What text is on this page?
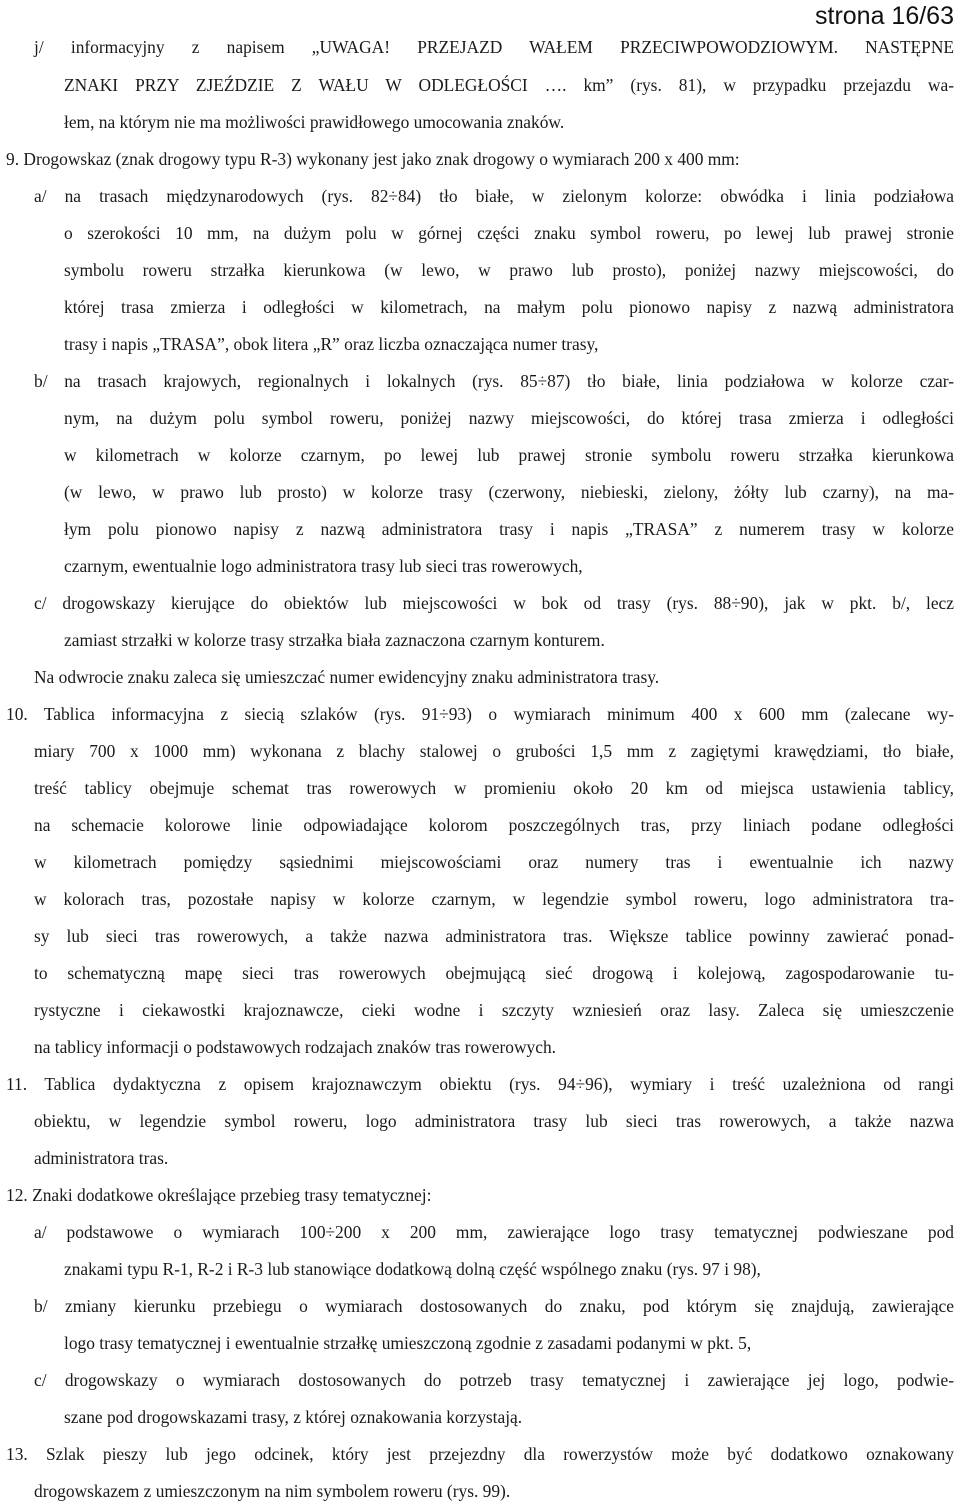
strona 16/63
j/ informacyjny z napisem „UWAGA! PRZEJAZD WAŁEM PRZECIWPOWODZIOWYM. NASTĘPNE
ZNAKI PRZY ZJEŹDZIE Z WAŁU W ODLEGŁOŚCI …. km” (rys. 81), w przypadku przejazdu wa-
łem, na którym nie ma możliwości prawidłowego umocowania znaków.
9. Drogowskaz (znak drogowy typu R-3) wykonany jest jako znak drogowy o wymiarach 200 x 400 mm:
a/ na trasach międzynarodowych (rys. 82÷84) tło białe, w zielonym kolorze: obwódka i linia podziałowa
o szerokości 10 mm, na dużym polu w górnej części znaku symbol roweru, po lewej lub prawej stronie
symbolu roweru strzałka kierunkowa (w lewo, w prawo lub prosto), poniżej nazwy miejscowości, do
której trasa zmierza i odległości w kilometrach, na małym polu pionowo napisy z nazwą administratora
trasy i napis „TRASA”, obok litera „R” oraz liczba oznaczająca numer trasy,
b/ na trasach krajowych, regionalnych i lokalnych (rys. 85÷87) tło białe, linia podziałowa w kolorze czar-
nym, na dużym polu symbol roweru, poniżej nazwy miejscowości, do której trasa zmierza i odległości
w kilometrach w kolorze czarnym, po lewej lub prawej stronie symbolu roweru strzałka kierunkowa
(w lewo, w prawo lub prosto) w kolorze trasy (czerwony, niebieski, zielony, żółty lub czarny), na ma-
łym polu pionowo napisy z nazwą administratora trasy i napis „TRASA” z numerem trasy w kolorze
czarnym, ewentualnie logo administratora trasy lub sieci tras rowerowych,
c/ drogowskazy kierujące do obiektów lub miejscowości w bok od trasy (rys. 88÷90), jak w pkt. b/, lecz
zamiast strzałki w kolorze trasy strzałka biała zaznaczona czarnym konturem.
Na odwrocie znaku zaleca się umieszczać numer ewidencyjny znaku administratora trasy.
10. Tablica informacyjna z siecią szlaków (rys. 91÷93) o wymiarach minimum 400 x 600 mm (zalecane wy-
miary 700 x 1000 mm) wykonana z blachy stalowej o grubości 1,5 mm z zagiętymi krawędziami, tło białe,
treść tablicy obejmuje schemat tras rowerowych w promieniu około 20 km od miejsca ustawienia tablicy,
na schemacie kolorowe linie odpowiadające kolorom poszczególnych tras, przy liniach podane odległości
w kilometrach pomiędzy sąsiednimi miejscowościami oraz numery tras i ewentualnie ich nazwy
w kolorach tras, pozostałe napisy w kolorze czarnym, w legendzie symbol roweru, logo administratora tra-
sy lub sieci tras rowerowych, a także nazwa administratora tras. Większe tablice powinny zawierać ponad-
to schematyczną mapę sieci tras rowerowych obejmującą sieć drogową i kolejową, zagospodarowanie tu-
rystyczne i ciekawostki krajoznawcze, cieki wodne i szczyty wzniesień oraz lasy. Zaleca się umieszczenie
na tablicy informacji o podstawowych rodzajach znaków tras rowerowych.
11. Tablica dydaktyczna z opisem krajoznawczym obiektu (rys. 94÷96), wymiary i treść uzależniona od rangi
obiektu, w legendzie symbol roweru, logo administratora trasy lub sieci tras rowerowych, a także nazwa
administratora tras.
12. Znaki dodatkowe określające przebieg trasy tematycznej:
a/ podstawowe o wymiarach 100÷200 x 200 mm, zawierające logo trasy tematycznej podwieszane pod
znakami typu R-1, R-2 i R-3 lub stanowiące dodatkową dolną część wspólnego znaku (rys. 97 i 98),
b/ zmiany kierunku przebiegu o wymiarach dostosowanych do znaku, pod którym się znajdują, zawierające
logo trasy tematycznej i ewentualnie strzałkę umieszczoną zgodnie z zasadami podanymi w pkt. 5,
c/ drogowskazy o wymiarach dostosowanych do potrzeb trasy tematycznej i zawierające jej logo, podwie-
szane pod drogowskazami trasy, z której oznakowania korzystają.
13. Szlak pieszy lub jego odcinek, który jest przejezdny dla rowerzystów może być dodatkowo oznakowany
drogowskazem z umieszczonym na nim symbolem roweru (rys. 99).
